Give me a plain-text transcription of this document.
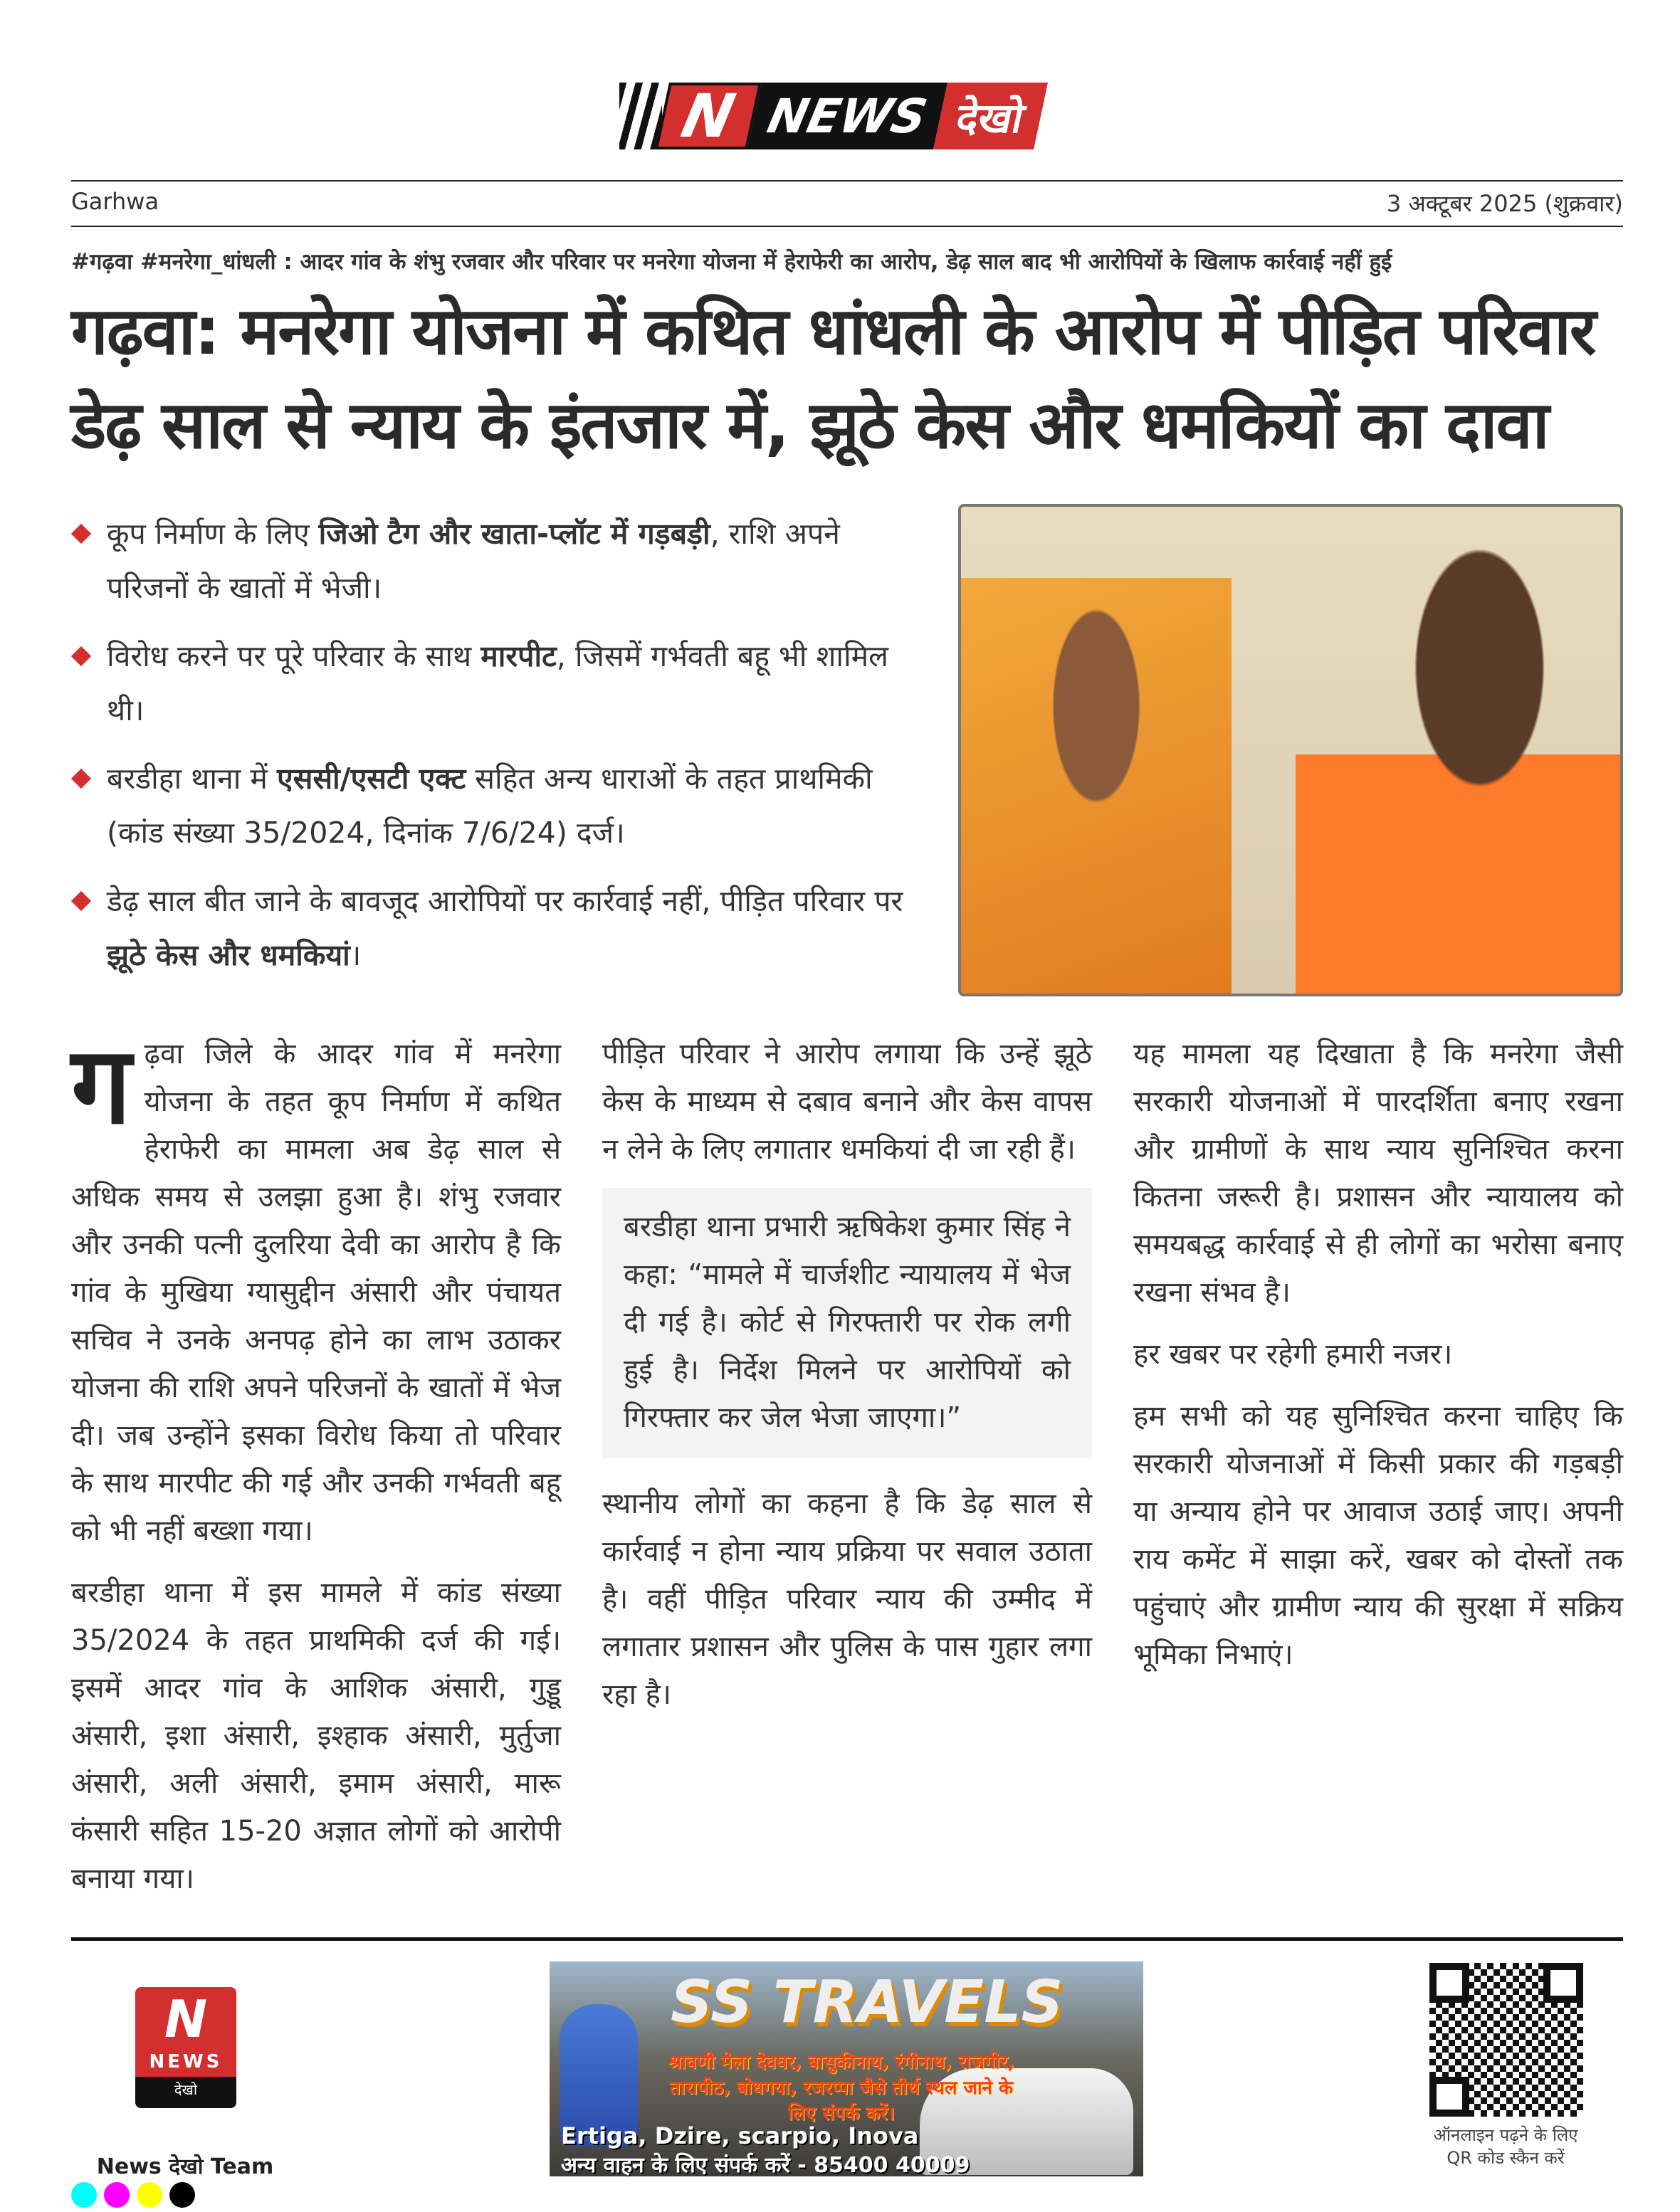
N NEWS देखो
Garhwa	3 अक्टूबर 2025 (शुक्रवार)
#गढ़वा #मनरेगा_धांधली : आदर गांव के शंभु रजवार और परिवार पर मनरेगा योजना में हेराफेरी का आरोप, डेढ़ साल बाद भी आरोपियों के खिलाफ कार्रवाई नहीं हुई
गढ़वा: मनरेगा योजना में कथित धांधली के आरोप में पीड़ित परिवार
डेढ़ साल से न्याय के इंतजार में, झूठे केस और धमकियों का दावा
कूप निर्माण के लिए जिओ टैग और खाता-प्लॉट में गड़बड़ी, राशि अपने परिजनों के खातों में भेजी।
विरोध करने पर पूरे परिवार के साथ मारपीट, जिसमें गर्भवती बहू भी शामिल थी।
बरडीहा थाना में एससी/एसटी एक्ट सहित अन्य धाराओं के तहत प्राथमिकी (कांड संख्या 35/2024, दिनांक 7/6/24) दर्ज।
डेढ़ साल बीत जाने के बावजूद आरोपियों पर कार्रवाई नहीं, पीड़ित परिवार पर झूठे केस और धमकियां।

गढ़वा जिले के आदर गांव में मनरेगा योजना के तहत कूप निर्माण में कथित हेराफेरी का मामला अब डेढ़ साल से अधिक समय से उलझा हुआ है। शंभु रजवार और उनकी पत्नी दुलरिया देवी का आरोप है कि गांव के मुखिया ग्यासुद्दीन अंसारी और पंचायत सचिव ने उनके अनपढ़ होने का लाभ उठाकर योजना की राशि अपने परिजनों के खातों में भेज दी। जब उन्होंने इसका विरोध किया तो परिवार के साथ मारपीट की गई और उनकी गर्भवती बहू को भी नहीं बख्शा गया।

बरडीहा थाना में इस मामले में कांड संख्या 35/2024 के तहत प्राथमिकी दर्ज की गई। इसमें आदर गांव के आशिक अंसारी, गुड्डू अंसारी, इशा अंसारी, इश्हाक अंसारी, मुर्तुजा अंसारी, अली अंसारी, इमाम अंसारी, मारू कंसारी सहित 15-20 अज्ञात लोगों को आरोपी बनाया गया।

पीड़ित परिवार ने आरोप लगाया कि उन्हें झूठे केस के माध्यम से दबाव बनाने और केस वापस न लेने के लिए लगातार धमकियां दी जा रही हैं।

बरडीहा थाना प्रभारी ऋषिकेश कुमार सिंह ने कहा: “मामले में चार्जशीट न्यायालय में भेज दी गई है। कोर्ट से गिरफ्तारी पर रोक लगी हुई है। निर्देश मिलने पर आरोपियों को गिरफ्तार कर जेल भेजा जाएगा।”

स्थानीय लोगों का कहना है कि डेढ़ साल से कार्रवाई न होना न्याय प्रक्रिया पर सवाल उठाता है। वहीं पीड़ित परिवार न्याय की उम्मीद में लगातार प्रशासन और पुलिस के पास गुहार लगा रहा है।

यह मामला यह दिखाता है कि मनरेगा जैसी सरकारी योजनाओं में पारदर्शिता बनाए रखना और ग्रामीणों के साथ न्याय सुनिश्चित करना कितना जरूरी है। प्रशासन और न्यायालय को समयबद्ध कार्रवाई से ही लोगों का भरोसा बनाए रखना संभव है।

हर खबर पर रहेगी हमारी नजर।

हम सभी को यह सुनिश्चित करना चाहिए कि सरकारी योजनाओं में किसी प्रकार की गड़बड़ी या अन्याय होने पर आवाज उठाई जाए। अपनी राय कमेंट में साझा करें, खबर को दोस्तों तक पहुंचाएं और ग्रामीण न्याय की सुरक्षा में सक्रिय भूमिका निभाएं।

N
NEWS
देखो
News देखो Team
SS TRAVELS
श्रावणी मेला देवघर, बासुकीनाथ, रंगीनाथ, राजगीर, तारापीठ, बोधगया, रजरप्पा जैसे तीर्थ स्थल जाने के लिए संपर्क करें।
Ertiga, Dzire, scarpio, Inova
अन्य वाहन के लिए संपर्क करें - 85400 40009
ऑनलाइन पढ़ने के लिए
QR कोड स्कैन करें
